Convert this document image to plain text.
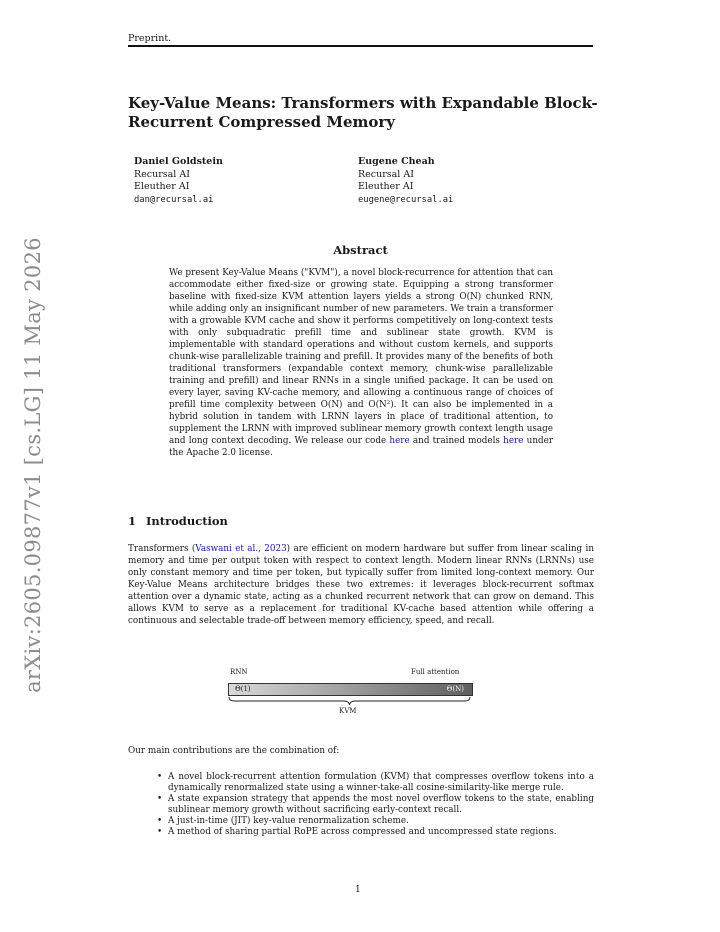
Preprint.
Key-Value Means: Transformers with Expandable Block-Recurrent Compressed Memory
Daniel Goldstein
Recursal AI
Eleuther AI
dan@recursal.ai
Eugene Cheah
Recursal AI
Eleuther AI
eugene@recursal.ai
Abstract

We present Key-Value Means ("KVM"), a novel block-recurrence for attention that can accommodate either fixed-size or growing state. Equipping a strong transformer baseline with fixed-size KVM attention layers yields a strong O(N) chunked RNN, while adding only an insignificant number of new parameters. We train a transformer with a growable KVM cache and show it performs competitively on long-context tests with only subquadratic prefill time and sublinear state growth. KVM is implementable with standard operations and without custom kernels, and supports chunk-wise parallelizable training and prefill. It provides many of the benefits of both traditional transformers (expandable context memory, chunk-wise parallelizable training and prefill) and linear RNNs in a single unified package. It can be used on every layer, saving KV-cache memory, and allowing a continuous range of choices of prefill time complexity between O(N) and O(N²). It can also be implemented in a hybrid solution in tandem with LRNN layers in place of traditional attention, to supplement the LRNN with improved sublinear memory growth context length usage and long context decoding. We release our code here and trained models here under the Apache 2.0 license.

1 Introduction

Transformers (Vaswani et al., 2023) are efficient on modern hardware but suffer from linear scaling in memory and time per output token with respect to context length. Modern linear RNNs (LRNNs) use only constant memory and time per token, but typically suffer from limited long-context memory. Our Key-Value Means architecture bridges these two extremes: it leverages block-recurrent softmax attention over a dynamic state, acting as a chunked recurrent network that can grow on demand. This allows KVM to serve as a replacement for traditional KV-cache based attention while offering a continuous and selectable trade-off between memory efficiency, speed, and recall.

RNN	Full attention
Θ(1)	Θ(N)
KVM

Our main contributions are the combination of:

• A novel block-recurrent attention formulation (KVM) that compresses overflow tokens into a dynamically renormalized state using a winner-take-all cosine-similarity-like merge rule.
• A state expansion strategy that appends the most novel overflow tokens to the state, enabling sublinear memory growth without sacrificing early-context recall.
• A just-in-time (JIT) key-value renormalization scheme.
• A method of sharing partial RoPE across compressed and uncompressed state regions.
1
arXiv:2605.09877v1 [cs.LG] 11 May 2026
